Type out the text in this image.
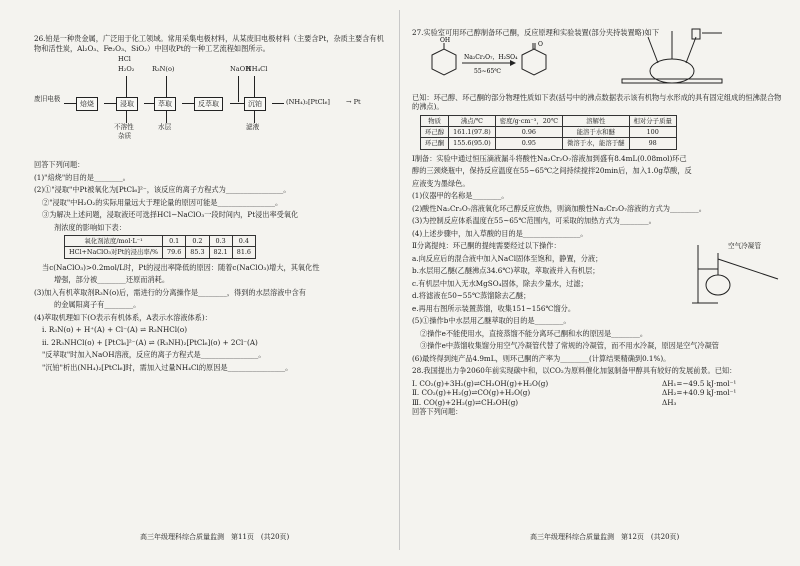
26.铂是一种贵金属，广泛用于化工领域。常用采集电极材料，从某废旧电极材料（主要含Pt，杂质主要含有机物和活性炭，Al₂O₃、Fe₂O₃、SiO₂）中回收Pt的一种工艺流程如图所示。

废旧电极
焙烧	浸取
HCl
H₂O₂
不溶性
杂质
萃取
R₃N(o)
水层
反萃取
NaOH
沉铂
NH₄Cl
滤液
(NH₄)₂[PtCl₆] → Pt

回答下列问题：

(1)"焙烧"的目的是________。

(2)①"浸取"中Pt被氧化为[PtCl₆]²⁻，该反应的离子方程式为________________。

②"浸取"中H₂O₂的实际用量远大于理论量的原因可能是________________。

③为解决上述问题，浸取液还可选择HCl−NaClO₃一段时间内，Pt浸出率受氧化

剂浓度的影响如下表：

氧化剂浓度/mol·L⁻¹	0.1	0.2	0.3	0.4
HCl+NaClO₃对Pt的浸出率/%	79.6	85.3	82.1	81.6

当c(NaClO₃)>0.2mol/L时，Pt的浸出率降低的原因：随着c(NaClO₃)增大，其氧化性

增强，部分被________还原而消耗。

(3)加入有机萃取剂R₃N(o)后，需进行的分离操作是________，得到的水层溶液中含有

的金属阳离子有________。

(4)萃取机理如下(O表示有机体系，A表示水溶液体系)：

ⅰ. R₃N(o) + H⁺(A) + Cl⁻(A) ⇌ R₃NHCl(o)

ⅱ. 2R₃NHCl(o) + [PtCl₆]²⁻(A) ⇌ (R₃NH)₂[PtCl₆](o) + 2Cl⁻(A)

"反萃取"时加入NaOH溶液，反应的离子方程式是________________。

"沉铂"析出(NH₄)₂[PtCl₆]时，需加入过量NH₄Cl的原因是________________。

高三年级理科综合质量监测　第11页　(共20页)

27.实验室可用环己醇制备环己酮，反应原理和实验装置(部分夹持装置略)如下

OH
Na₂Cr₂O₇，H₂SO₄
55~65℃
O

已知：环己醇、环己酮的部分物理性质如下表(括号中的沸点数据表示该有机物与水形成的具有固定组成的恒沸混合物的沸点)。

物质	沸点/℃	密度/g·cm⁻³，20℃	溶解性	相对分子质量
环己醇	161.1(97.8)	0.96	能溶于水和醚	100
环己酮	155.6(95.0)	0.95	微溶于水，能溶于醚	98

Ⅰ制备：实验中通过恒压滴液漏斗将酸性Na₂Cr₂O₇溶液加到盛有8.4mL(0.08mol)环己

醇的三颈烧瓶中，保持反应温度在55~65℃之间持续搅拌20min后，加入1.0g草酸，反

应液变为墨绿色。

(1)仪器甲的名称是________。

(2)酸性Na₂Cr₂O₇溶液氧化环己醇反应放热，则滴加酸性Na₂Cr₂O₇溶液的方式为________。

(3)为控制反应体系温度在55~65℃范围内，可采取的加热方式为________。

(4)上述步骤中，加入草酸的目的是________________。

Ⅱ分离提纯：环己酮的提纯需要经过以下操作：

a.向反应后的混合液中加入NaCl固体至饱和，静置，分液；

b.水层用乙醚(乙醚沸点34.6℃)萃取，萃取液并入有机层；

c.有机层中加入无水MgSO₄固体，除去少量水，过滤；

d.将滤液在50~55℃蒸馏除去乙醚；

e.再用右图所示装置蒸馏，收集151~156℃馏分。

空气冷凝管

(5)①操作b中水层用乙醚萃取的目的是________。

②操作e不能使用水，直接蒸馏不能分离环己酮和水的原因是________。

③操作e中蒸馏收集馏分用空气冷凝管代替了常规的冷凝管，而不用水冷凝，原因是空气冷凝管

(6)最终得到纯产品4.9mL，则环己酮的产率为________(计算结果精确到0.1%)。

28.我国提出力争2060年前实现碳中和，以CO₂为原料催化加氢制备甲醇具有较好的发展前景。已知：

Ⅰ. CO₂(g)+3H₂(g)⇌CH₃OH(g)+H₂O(g)	ΔH₁=−49.5 kJ·mol⁻¹
Ⅱ. CO₂(g)+H₂(g)⇌CO(g)+H₂O(g)	ΔH₂=+40.9 kJ·mol⁻¹
Ⅲ. CO(g)+2H₂(g)⇌CH₃OH(g)	ΔH₃

回答下列问题：

高三年级理科综合质量监测　第12页　(共20页)
